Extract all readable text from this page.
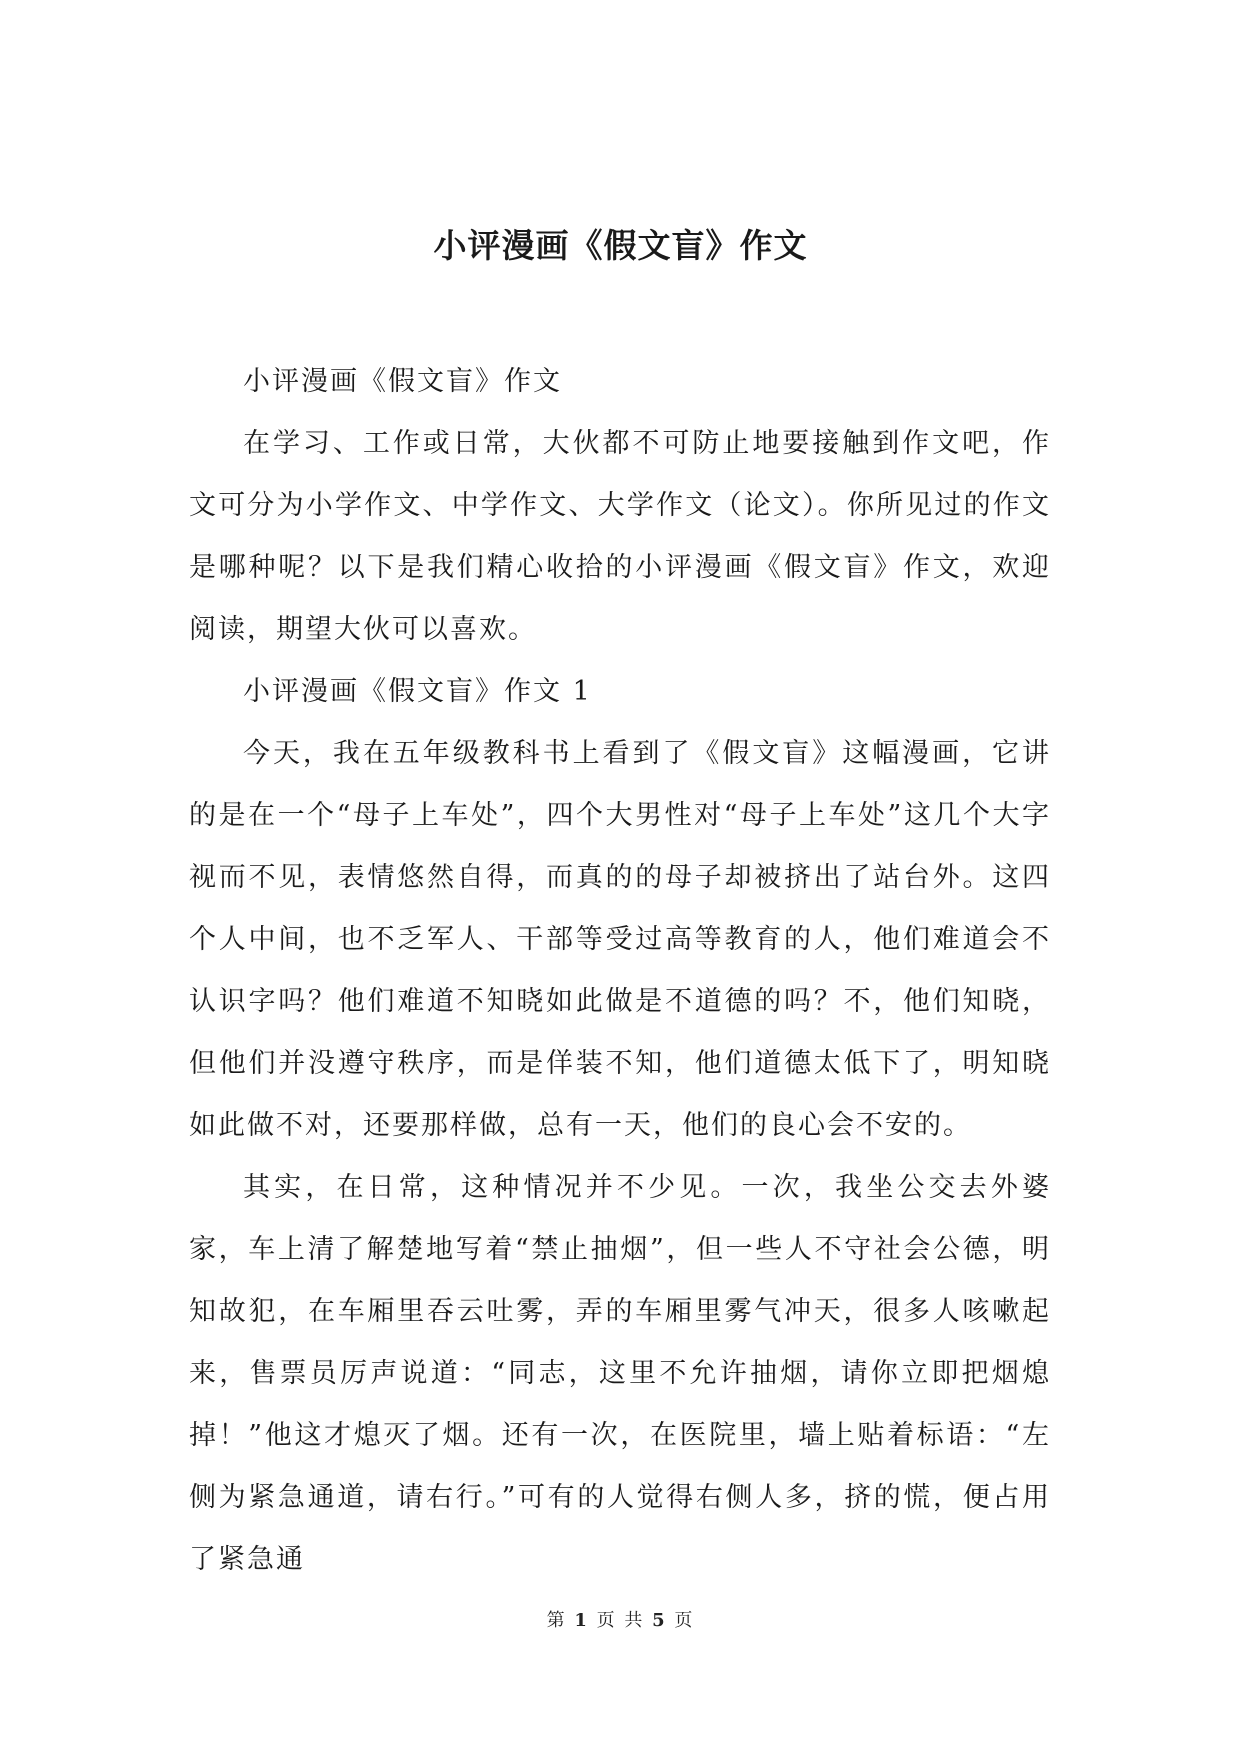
小评漫画《假文盲》作文

小评漫画《假文盲》作文

在学习、工作或日常，大伙都不可防止地要接触到作文吧，作文可分为小学作文、中学作文、大学作文（论文）。你所见过的作文是哪种呢？以下是我们精心收拾的小评漫画《假文盲》作文，欢迎阅读，期望大伙可以喜欢。

小评漫画《假文盲》作文 1

今天，我在五年级教科书上看到了《假文盲》这幅漫画，它讲的是在一个“母子上车处”，四个大男性对“母子上车处”这几个大字视而不见，表情悠然自得，而真的的母子却被挤出了站台外。这四个人中间，也不乏军人、干部等受过高等教育的人，他们难道会不认识字吗？他们难道不知晓如此做是不道德的吗？不，他们知晓，但他们并没遵守秩序，而是佯装不知，他们道德太低下了，明知晓如此做不对，还要那样做，总有一天，他们的良心会不安的。

其实，在日常，这种情况并不少见。一次，我坐公交去外婆家，车上清了解楚地写着“禁止抽烟”，但一些人不守社会公德，明知故犯，在车厢里吞云吐雾，弄的车厢里雾气冲天，很多人咳嗽起来，售票员厉声说道：“同志，这里不允许抽烟，请你立即把烟熄掉！”他这才熄灭了烟。还有一次，在医院里，墙上贴着标语：“左侧为紧急通道，请右行。”可有的人觉得右侧人多，挤的慌，便占用了紧急通

第 1 页 共 5 页
